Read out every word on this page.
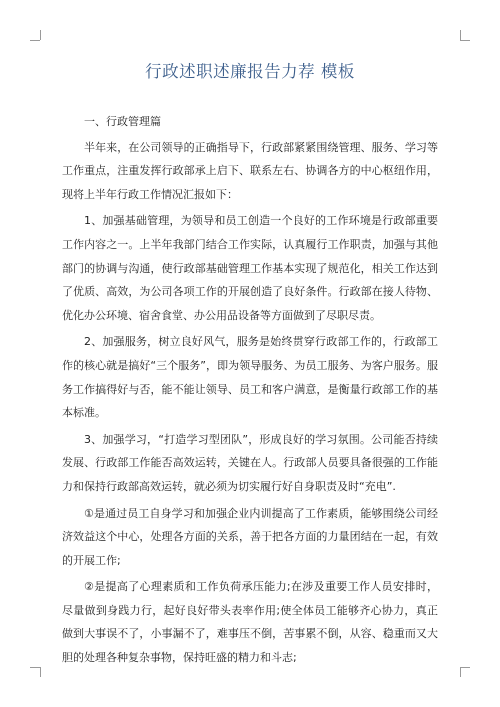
行政述职述廉报告力荐 模板

一、行政管理篇

半年来，在公司领导的正确指导下，行政部紧紧围绕管理、服务、学习等工作重点，注重发挥行政部承上启下、联系左右、协调各方的中心枢纽作用，现将上半年行政工作情况汇报如下：

1、加强基础管理，为领导和员工创造一个良好的工作环境是行政部重要工作内容之一。上半年我部门结合工作实际，认真履行工作职责，加强与其他部门的协调与沟通，使行政部基础管理工作基本实现了规范化，相关工作达到了优质、高效，为公司各项工作的开展创造了良好条件。行政部在接人待物、优化办公环境、宿舍食堂、办公用品设备等方面做到了尽职尽责。

2、加强服务，树立良好风气，服务是始终贯穿行政部工作的，行政部工作的核心就是搞好“三个服务”，即为领导服务、为员工服务、为客户服务。服务工作搞得好与否，能不能让领导、员工和客户满意，是衡量行政部工作的基本标准。

3、加强学习，“打造学习型团队”，形成良好的学习氛围。公司能否持续发展、行政部工作能否高效运转，关键在人。行政部人员要具备很强的工作能力和保持行政部高效运转，就必须为切实履行好自身职责及时“充电”.

①是通过员工自身学习和加强企业内训提高了工作素质，能够围绕公司经济效益这个中心，处理各方面的关系，善于把各方面的力量团结在一起，有效的开展工作;

②是提高了心理素质和工作负荷承压能力;在涉及重要工作人员安排时，尽量做到身践力行，起好良好带头表率作用;使全体员工能够齐心协力，真正做到大事误不了，小事漏不了，难事压不倒，苦事累不倒，从容、稳重而又大胆的处理各种复杂事物，保持旺盛的精力和斗志;
